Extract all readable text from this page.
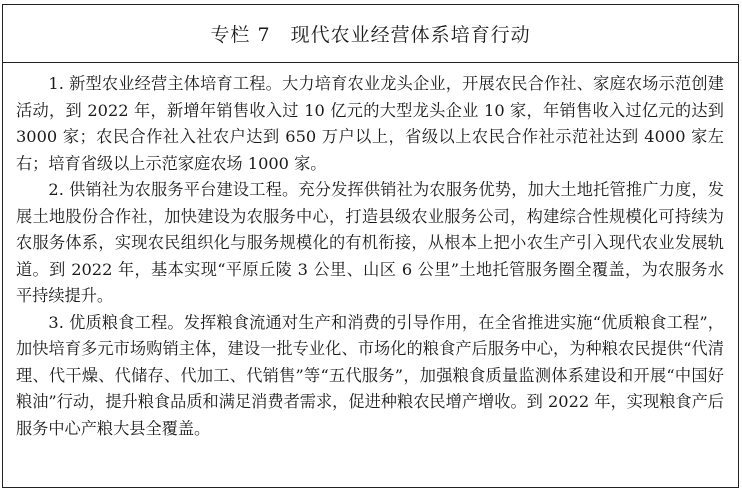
专栏 7 现代农业经营体系培育行动

1. 新型农业经营主体培育工程。大力培育农业龙头企业，开展农民合作社、家庭农场示范创建活动，到 2022 年，新增年销售收入过 10 亿元的大型龙头企业 10 家，年销售收入过亿元的达到 3000 家；农民合作社入社农户达到 650 万户以上，省级以上农民合作社示范社达到 4000 家左右；培育省级以上示范家庭农场 1000 家。

2. 供销社为农服务平台建设工程。充分发挥供销社为农服务优势，加大土地托管推广力度，发展土地股份合作社，加快建设为农服务中心，打造县级农业服务公司，构建综合性规模化可持续为农服务体系，实现农民组织化与服务规模化的有机衔接，从根本上把小农生产引入现代农业发展轨道。到 2022 年，基本实现“平原丘陵 3 公里、山区 6 公里”土地托管服务圈全覆盖，为农服务水平持续提升。

3. 优质粮食工程。发挥粮食流通对生产和消费的引导作用，在全省推进实施“优质粮食工程”，加快培育多元市场购销主体，建设一批专业化、市场化的粮食产后服务中心，为种粮农民提供“代清理、代干燥、代储存、代加工、代销售”等“五代服务”，加强粮食质量监测体系建设和开展“中国好粮油”行动，提升粮食品质和满足消费者需求，促进种粮农民增产增收。到 2022 年，实现粮食产后服务中心产粮大县全覆盖。
